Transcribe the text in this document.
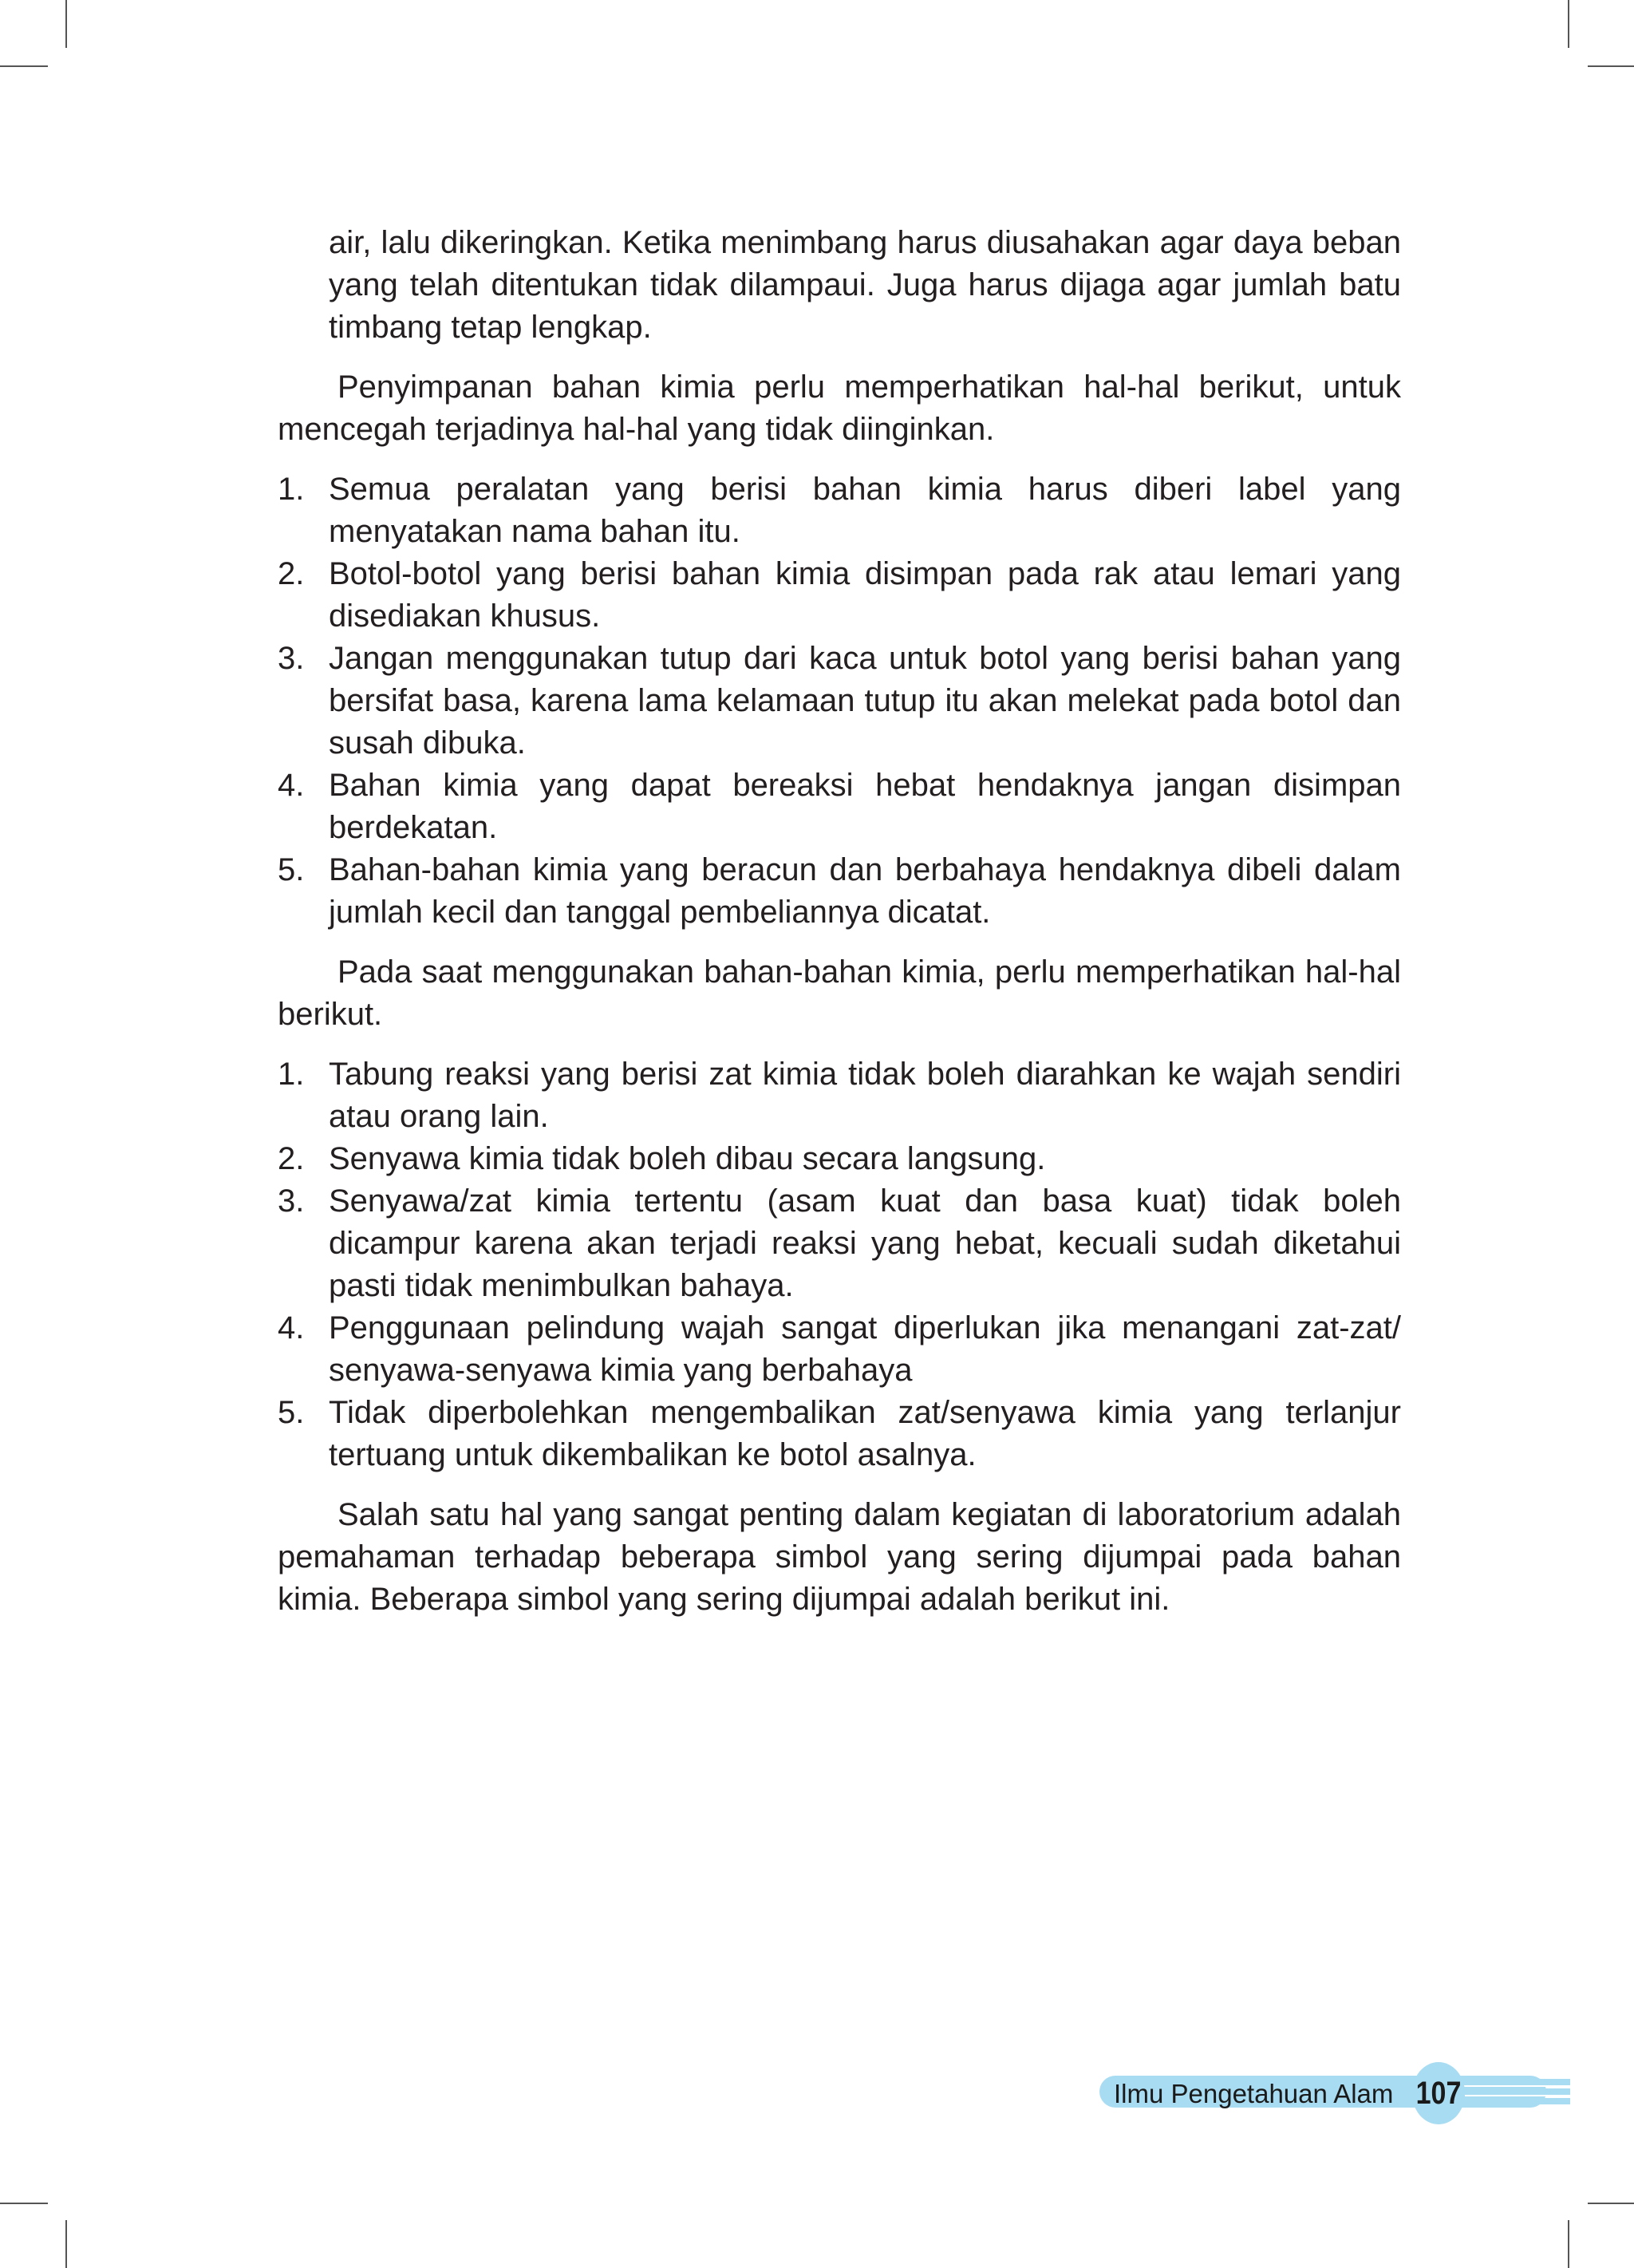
air, lalu dikeringkan. Ketika menimbang harus diusahakan agar daya beban yang telah ditentukan tidak dilampaui. Juga harus dijaga agar jumlah batu timbang tetap lengkap.

Penyimpanan bahan kimia perlu memperhatikan hal-hal berikut, untuk mencegah terjadinya hal-hal yang tidak diinginkan.

1. Semua peralatan yang berisi bahan kimia harus diberi label yang menyatakan nama bahan itu.
2. Botol-botol yang berisi bahan kimia disimpan pada rak atau lemari yang disediakan khusus.
3. Jangan menggunakan tutup dari kaca untuk botol yang berisi bahan yang bersifat basa, karena lama kelamaan tutup itu akan melekat pada botol dan susah dibuka.
4. Bahan kimia yang dapat bereaksi hebat hendaknya jangan disimpan berdekatan.
5. Bahan-bahan kimia yang beracun dan berbahaya hendaknya dibeli dalam jumlah kecil dan tanggal pembeliannya dicatat.

Pada saat menggunakan bahan-bahan kimia, perlu memperhatikan hal-hal berikut.

1. Tabung reaksi yang berisi zat kimia tidak boleh diarahkan ke wajah sendiri atau orang lain.
2. Senyawa kimia tidak boleh dibau secara langsung.
3. Senyawa/zat kimia tertentu (asam kuat dan basa kuat) tidak boleh dicampur karena akan terjadi reaksi yang hebat, kecuali sudah diketahui pasti tidak menimbulkan bahaya.
4. Penggunaan pelindung wajah sangat diperlukan jika menangani zat-zat/ senyawa-senyawa kimia yang berbahaya
5. Tidak diperbolehkan mengembalikan zat/senyawa kimia yang terlanjur tertuang untuk dikembalikan ke botol asalnya.

Salah satu hal yang sangat penting dalam kegiatan di laboratorium adalah pemahaman terhadap beberapa simbol yang sering dijumpai pada bahan kimia. Beberapa simbol yang sering dijumpai adalah berikut ini.

Ilmu Pengetahuan Alam 107
